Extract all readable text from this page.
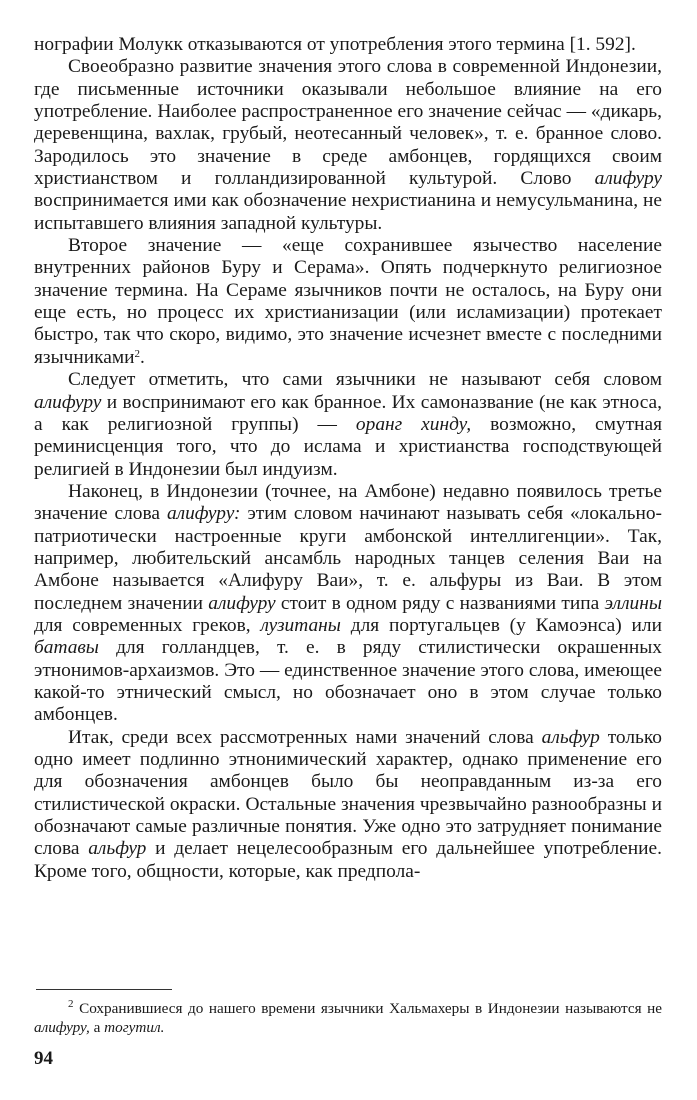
нографии Молукк отказываются от употребления этого термина [1. 592].

Своеобразно развитие значения этого слова в современной Индонезии, где письменные источники оказывали небольшое влияние на его употребление. Наиболее распространенное его значение сейчас — «дикарь, деревенщина, вахлак, грубый, неотесанный человек», т. е. бранное слово. Зародилось это значение в среде амбонцев, гордящихся своим христианством и голландизированной культурой. Слово алифуру воспринимается ими как обозначение нехристианина и немусульманина, не испытавшего влияния западной культуры.

Второе значение — «еще сохранившее язычество население внутренних районов Буру и Серама». Опять подчеркнуто религиозное значение термина. На Сераме язычников почти не осталось, на Буру они еще есть, но процесс их христианизации (или исламизации) протекает быстро, так что скоро, видимо, это значение исчезнет вместе с последними язычниками$^2$.

Следует отметить, что сами язычники не называют себя словом алифуру и воспринимают его как бранное. Их самоназвание (не как этноса, а как религиозной группы) — оранг хинду, возможно, смутная реминисценция того, что до ислама и христианства господствующей религией в Индонезии был индуизм.

Наконец, в Индонезии (точнее, на Амбоне) недавно появилось третье значение слова алифуру: этим словом начинают называть себя «локально-патриотически настроенные круги амбонской интеллигенции». Так, например, любительский ансамбль народных танцев селения Ваи на Амбоне называется «Алифуру Ваи», т. е. альфуры из Ваи. В этом последнем значении алифуру стоит в одном ряду с названиями типа эллины для современных греков, лузитаны для португальцев (у Камоэнса) или батавы для голландцев, т. е. в ряду стилистически окрашенных этнонимов-архаизмов. Это — единственное значение этого слова, имеющее какой-то этнический смысл, но обозначает оно в этом случае только амбонцев.

Итак, среди всех рассмотренных нами значений слова альфур только одно имеет подлинно этнонимический характер, однако применение его для обозначения амбонцев было бы неоправданным из-за его стилистической окраски. Остальные значения чрезвычайно разнообразны и обозначают самые различные понятия. Уже одно это затрудняет понимание слова альфур и делает нецелесообразным его дальнейшее употребление. Кроме того, общности, которые, как предпола-

$^2$ Сохранившиеся до нашего времени язычники Хальмахеры в Индонезии называются не алифуру, а тогутил.

94
